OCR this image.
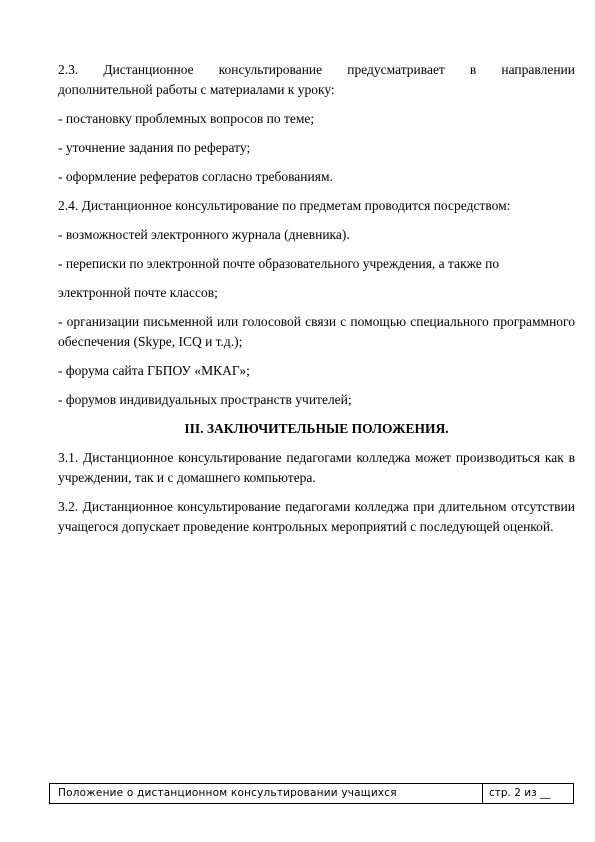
2.3. Дистанционное консультирование предусматривает в направлении

дополнительной работы с материалами к уроку:

- постановку проблемных вопросов по теме;

- уточнение задания по реферату;

- оформление рефератов согласно требованиям.

2.4. Дистанционное консультирование по предметам проводится посредством:

- возможностей электронного журнала (дневника).

- переписки по электронной почте образовательного учреждения, а также по

электронной почте классов;

- организации письменной или голосовой связи с помощью специального программного обеспечения (Skype, ICQ и т.д.);

- форума сайта ГБПОУ «МКАГ»;

- форумов индивидуальных пространств учителей;

III. ЗАКЛЮЧИТЕЛЬНЫЕ ПОЛОЖЕНИЯ.

3.1. Дистанционное консультирование педагогами колледжа может производиться как в учреждении, так и с домашнего компьютера.

3.2. Дистанционное консультирование педагогами колледжа при длительном отсутствии учащегося допускает проведение контрольных мероприятий с последующей оценкой.

Положение о дистанционном консультировании учащихся	стр. 2 из __
